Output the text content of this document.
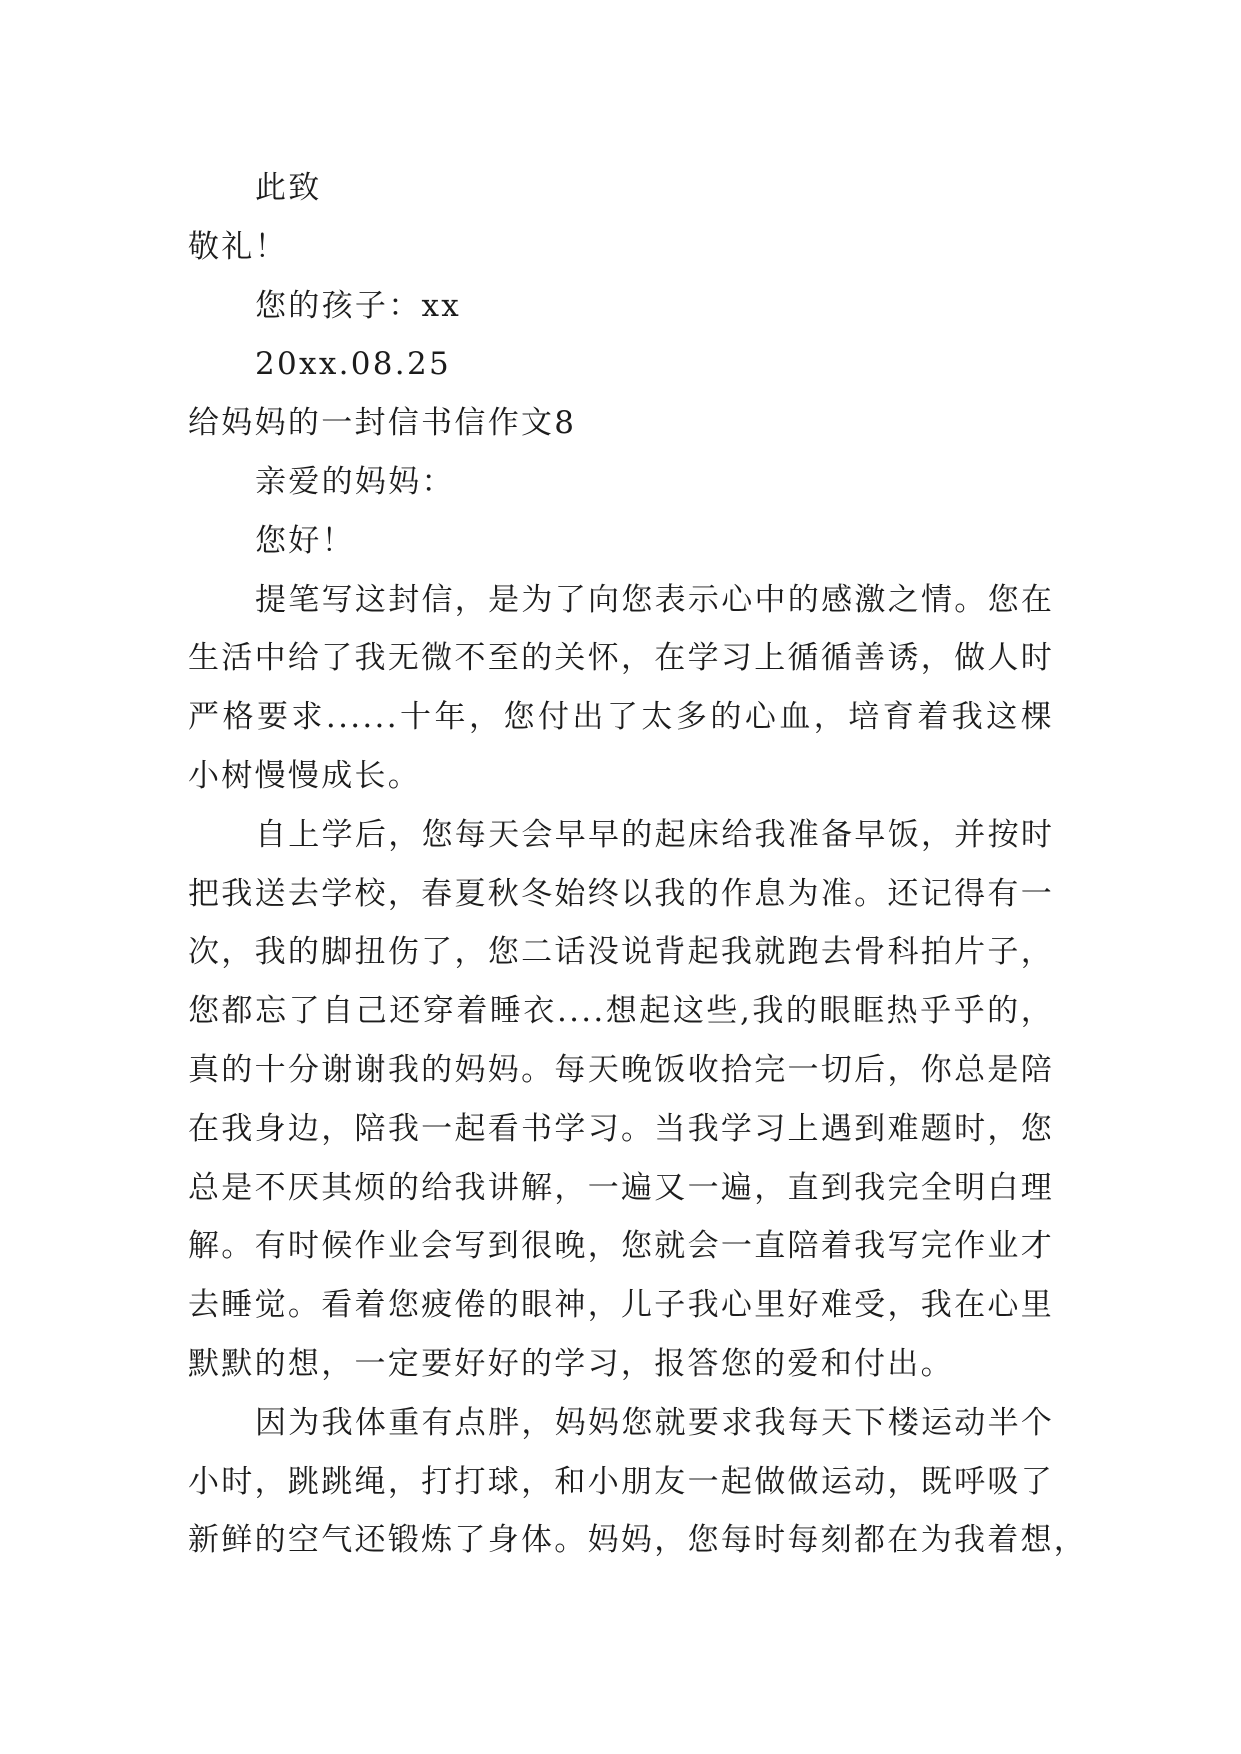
此致
敬礼！
您的孩子：xx
20xx.08.25
给妈妈的一封信书信作文8
亲爱的妈妈：
您好！
提笔写这封信，是为了向您表示心中的感激之情。您在
生活中给了我无微不至的关怀，在学习上循循善诱，做人时
严格要求......十年，您付出了太多的心血，培育着我这棵
小树慢慢成长。
自上学后，您每天会早早的起床给我准备早饭，并按时
把我送去学校，春夏秋冬始终以我的作息为准。还记得有一
次，我的脚扭伤了，您二话没说背起我就跑去骨科拍片子，
您都忘了自己还穿着睡衣....想起这些,我的眼眶热乎乎的，
真的十分谢谢我的妈妈。每天晚饭收拾完一切后，你总是陪
在我身边，陪我一起看书学习。当我学习上遇到难题时，您
总是不厌其烦的给我讲解，一遍又一遍，直到我完全明白理
解。有时候作业会写到很晚，您就会一直陪着我写完作业才
去睡觉。看着您疲倦的眼神，儿子我心里好难受，我在心里
默默的想，一定要好好的学习，报答您的爱和付出。
因为我体重有点胖，妈妈您就要求我每天下楼运动半个
小时，跳跳绳，打打球，和小朋友一起做做运动，既呼吸了
新鲜的空气还锻炼了身体。妈妈，您每时每刻都在为我着想，
